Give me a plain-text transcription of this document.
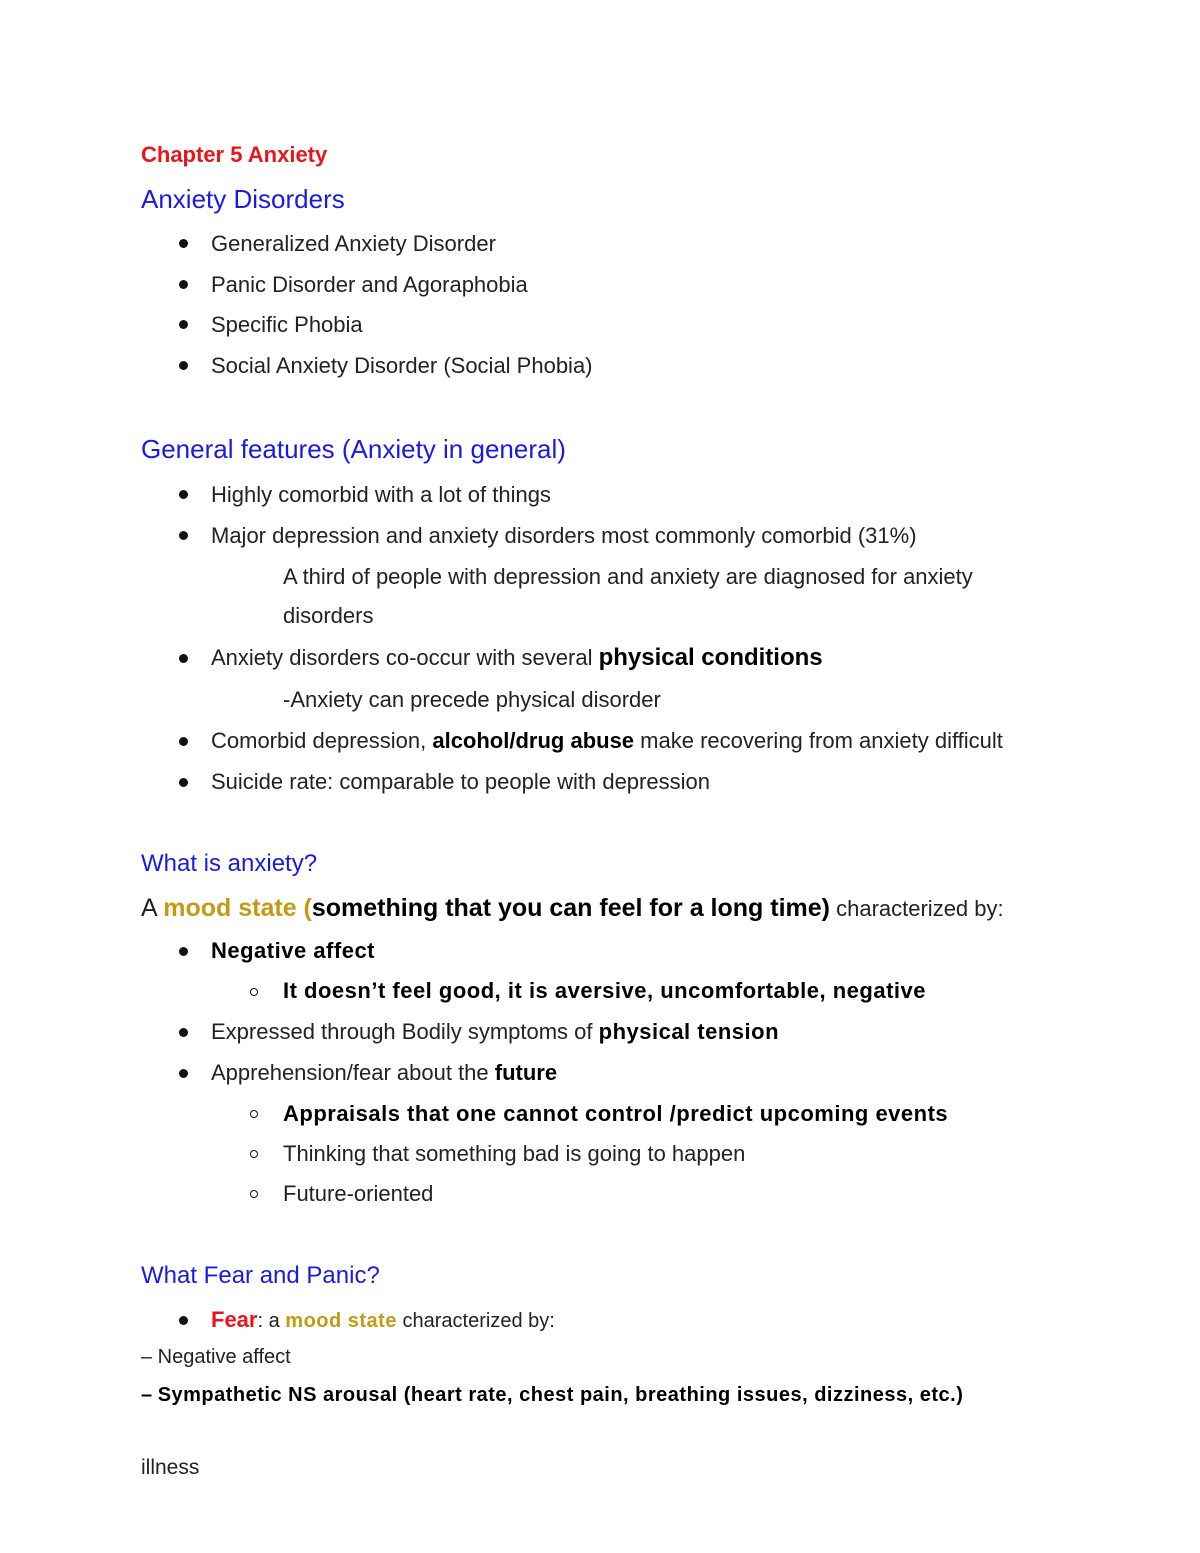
Chapter 5 Anxiety
Anxiety Disorders
Generalized Anxiety Disorder
Panic Disorder and Agoraphobia
Specific Phobia
Social Anxiety Disorder (Social Phobia)
General features (Anxiety in general)
Highly comorbid with a lot of things
Major depression and anxiety disorders most commonly comorbid (31%)
A third of people with depression and anxiety are diagnosed for anxiety
disorders
Anxiety disorders co-occur with several physical conditions
-Anxiety can precede physical disorder
Comorbid depression, alcohol/drug abuse make recovering from anxiety difficult
Suicide rate: comparable to people with depression
What is anxiety?
A mood state (something that you can feel for a long time) characterized by:
Negative affect
It doesn’t feel good, it is aversive, uncomfortable, negative
Expressed through Bodily symptoms of physical tension
Apprehension/fear about the future
Appraisals that one cannot control /predict upcoming events
Thinking that something bad is going to happen
Future-oriented
What Fear and Panic?
Fear: a mood state characterized by:
– Negative affect
– Sympathetic NS arousal (heart rate, chest pain, breathing issues, dizziness, etc.)
illness
